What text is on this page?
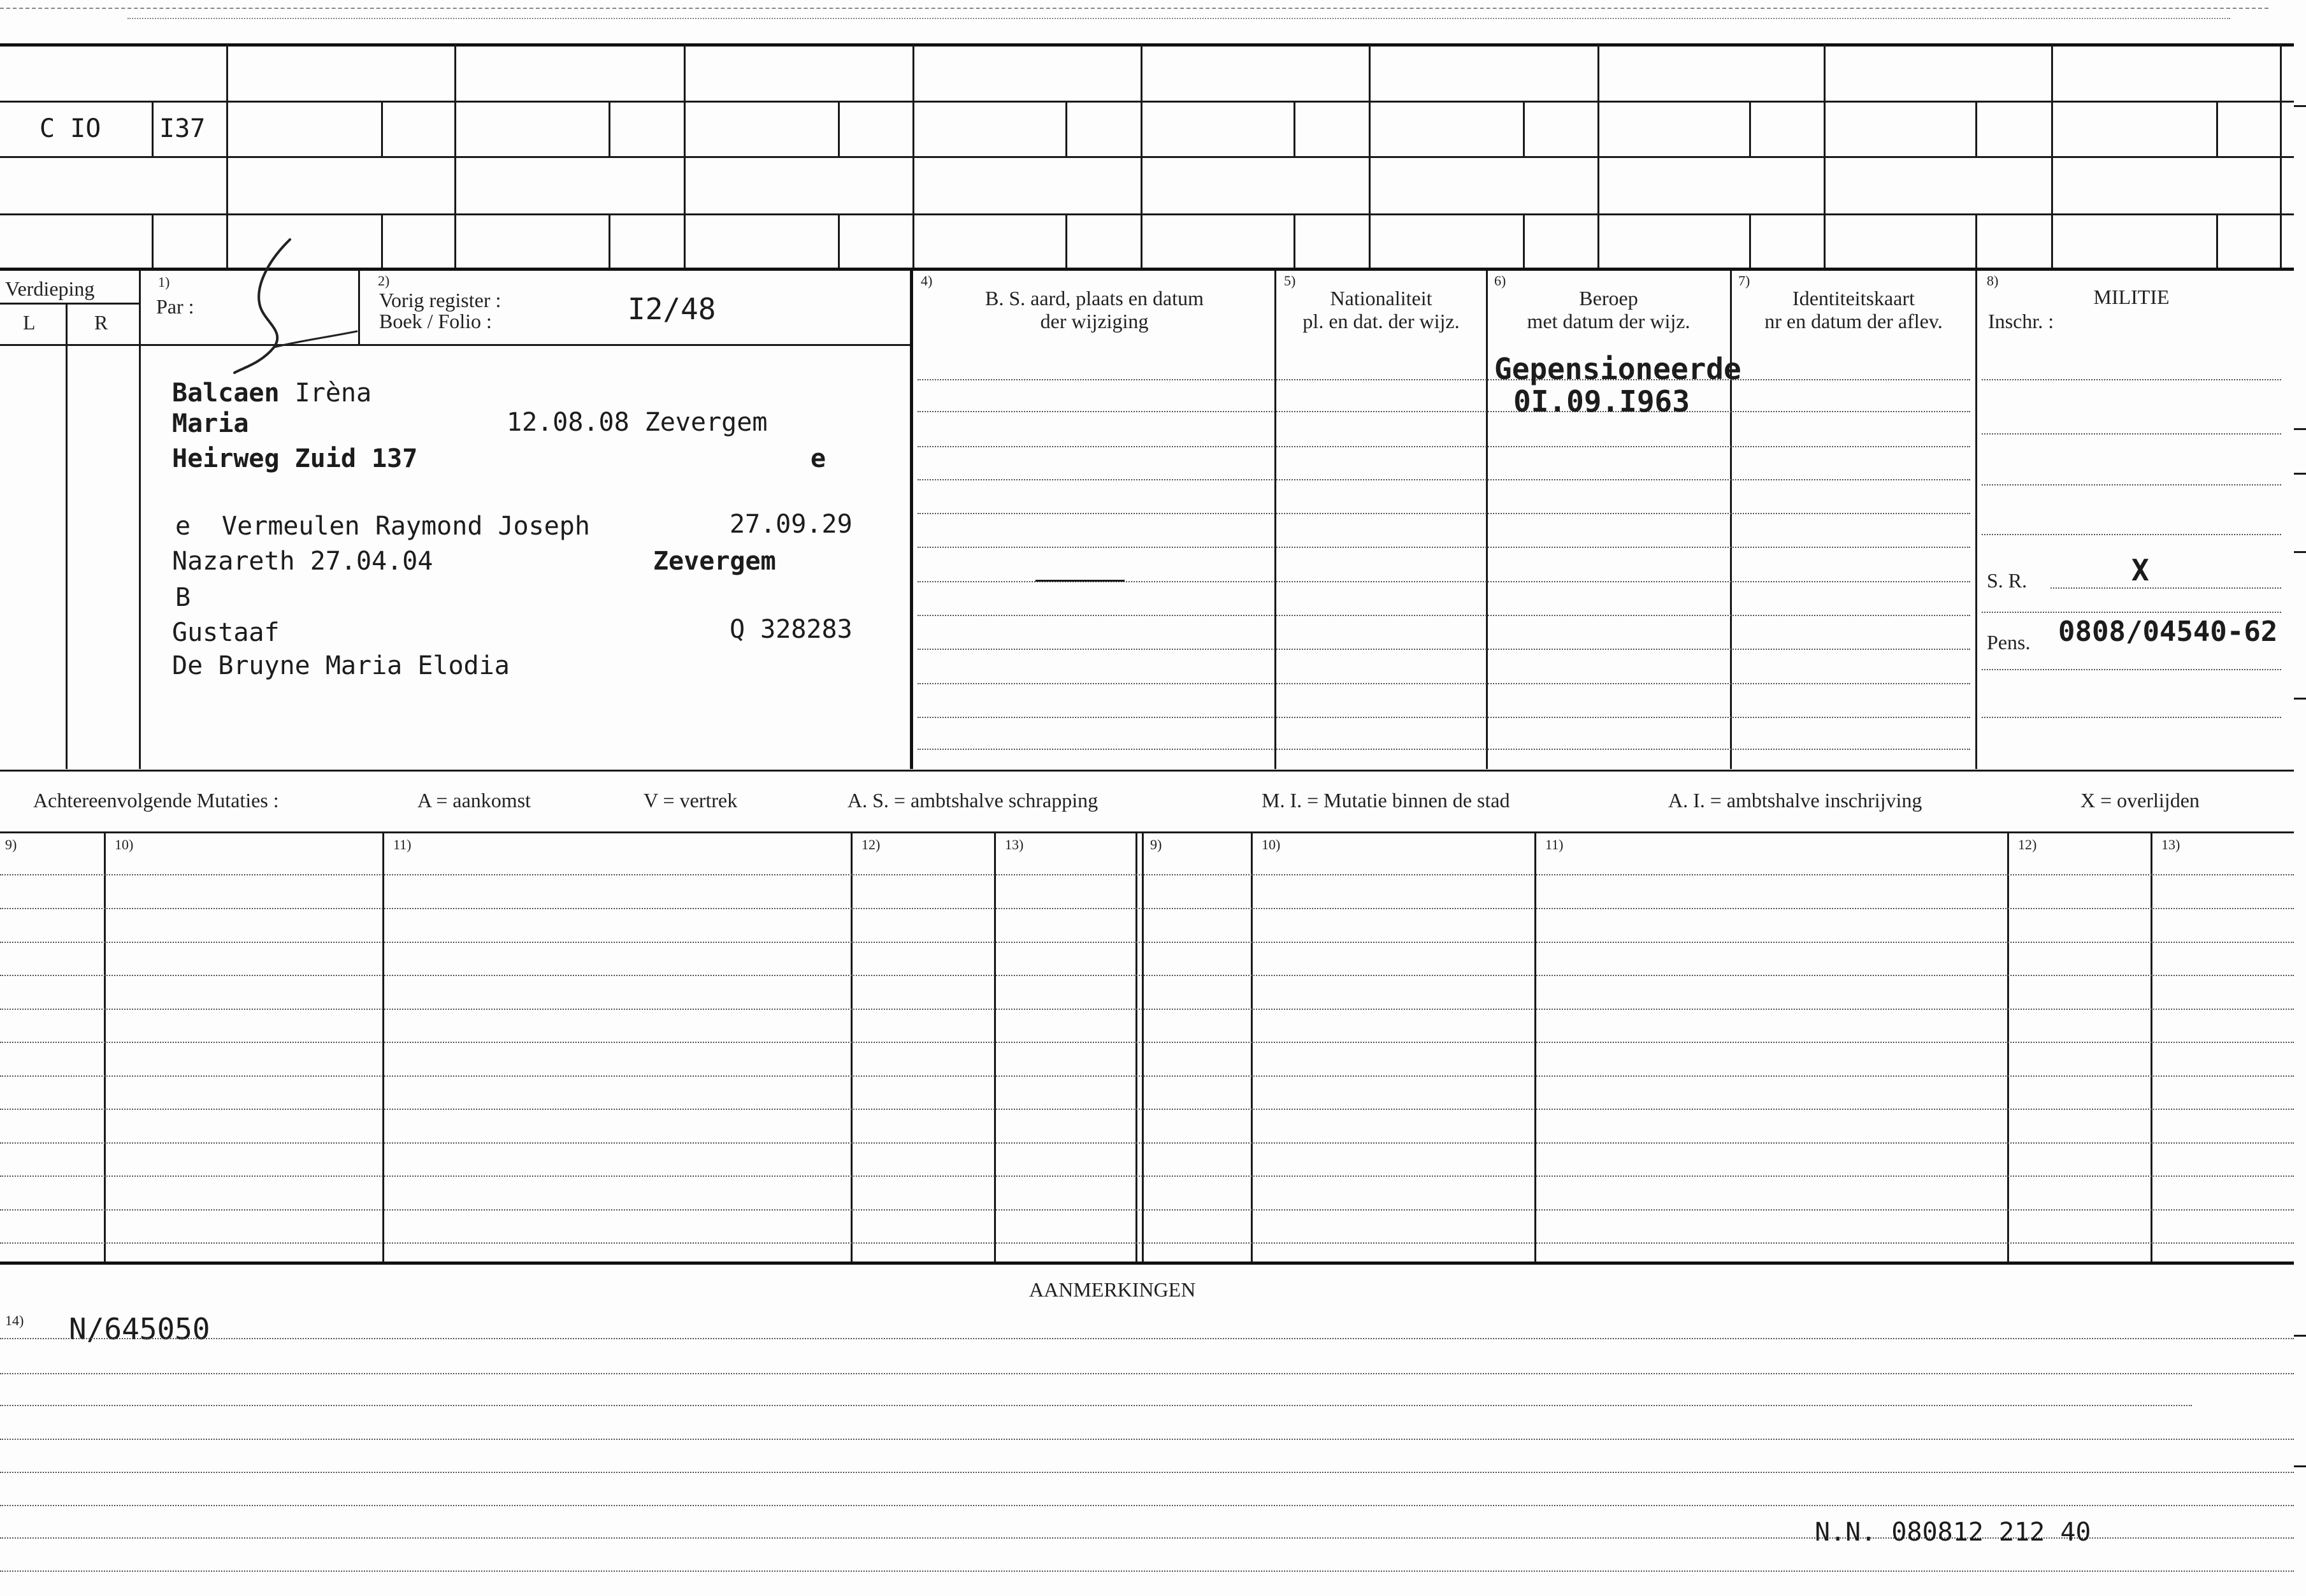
C IO I37
Verdieping
L	R
1)
Par :
2)
Vorig register :
Boek / Folio :	I2/48
4)
B. S. aard, plaats en datum
der wijziging
5)
Nationaliteit
pl. en dat. der wijz.
6)
Beroep
met datum der wijz.
7)
Identiteitskaart
nr en datum der aflev.
8)
MILITIE
Inschr. :
Balcaen Irèna
Maria	12.08.08 Zevergem
Heirweg Zuid 137	e
e Vermeulen Raymond Joseph	27.09.29
Nazareth 27.04.04	Zevergem
B
Gustaaf	Q 328283
De Bruyne Maria Elodia
Gepensioneerde
0I.09.I963
S. R.	X
Pens. 0808/04540-62
Achtereenvolgende Mutaties :	A = aankomst	V = vertrek	A. S. = ambtshalve schrapping	M. I. = Mutatie binnen de stad	A. I. = ambtshalve inschrijving	X = overlijden
9)	10)	11)	12)	13)	9)	10)	11)	12)	13)
AANMERKINGEN
14) N/645050
N.N. 080812 212 40
